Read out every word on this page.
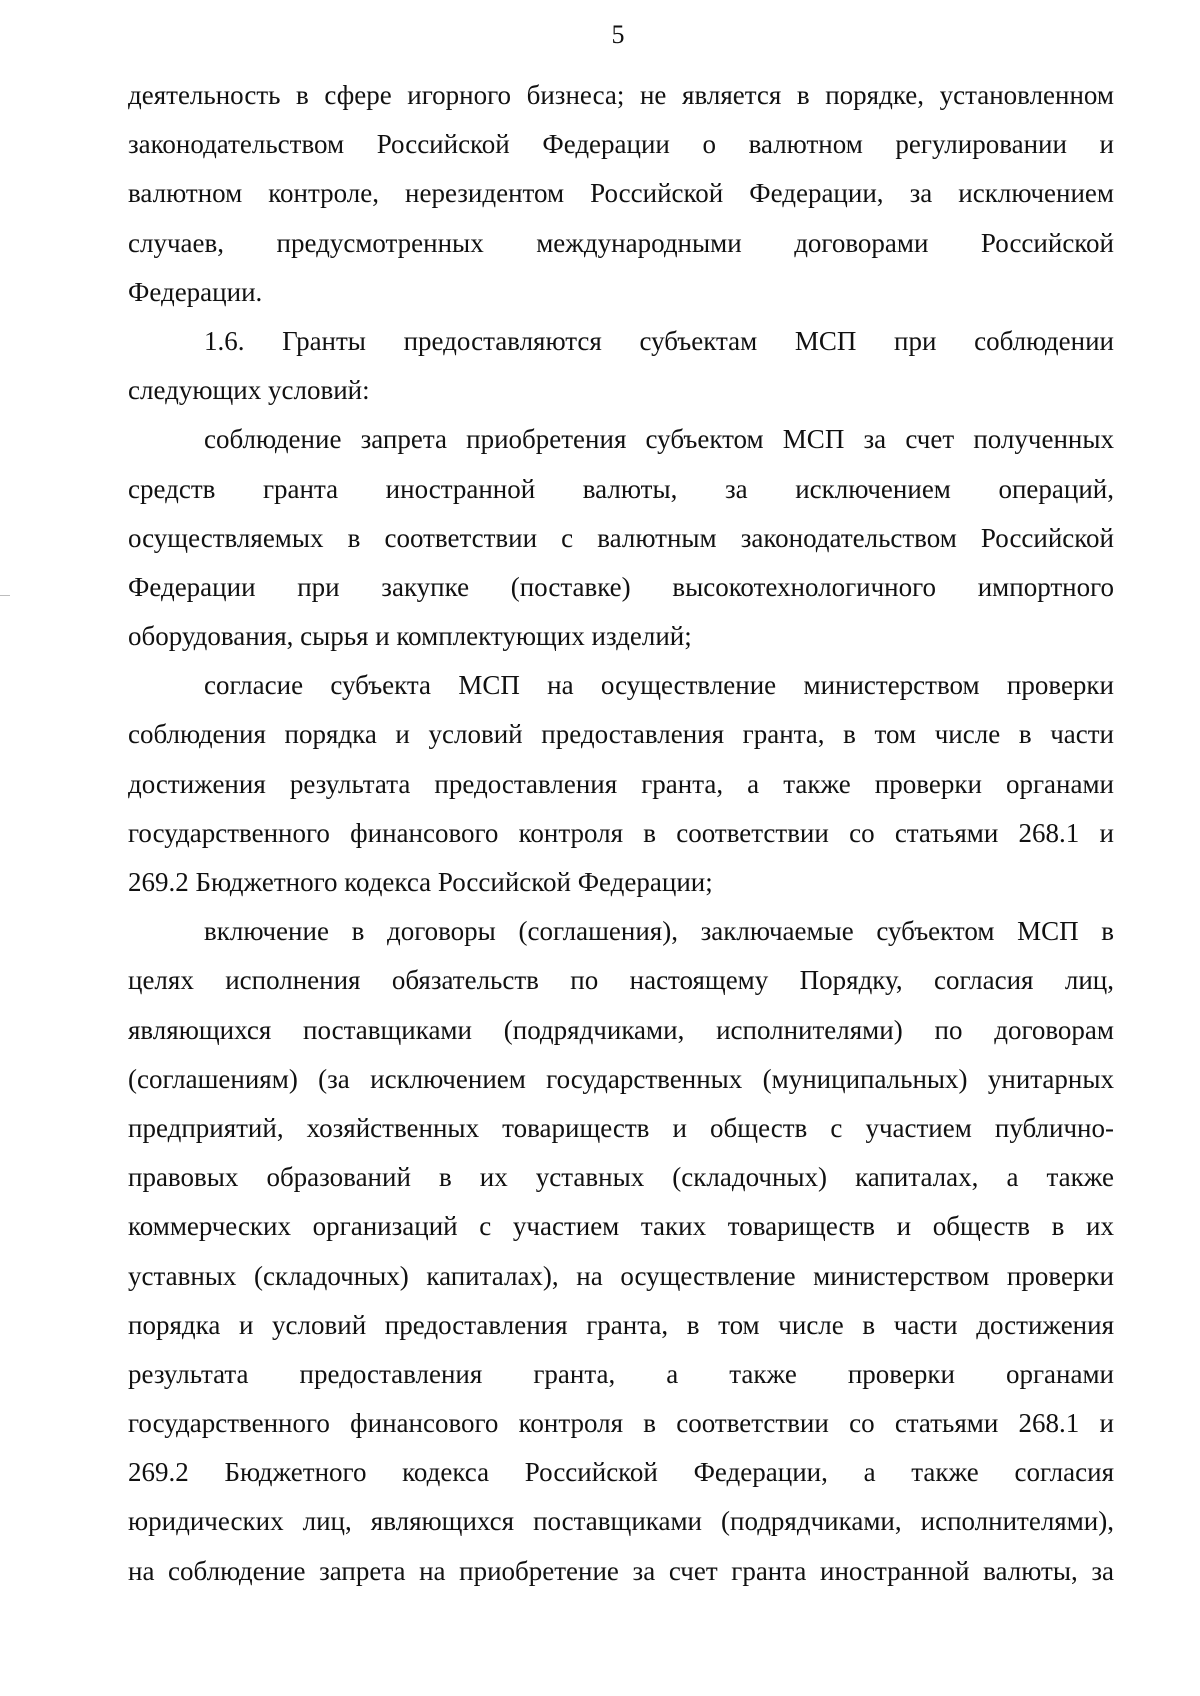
5
деятельность в сфере игорного бизнеса; не является в порядке, установленном
законодательством Российской Федерации о валютном регулировании и
валютном контроле, нерезидентом Российской Федерации, за исключением
случаев, предусмотренных международными договорами Российской
Федерации.
1.6. Гранты предоставляются субъектам МСП при соблюдении
следующих условий:
соблюдение запрета приобретения субъектом МСП за счет полученных
средств гранта иностранной валюты, за исключением операций,
осуществляемых в соответствии с валютным законодательством Российской
Федерации при закупке (поставке) высокотехнологичного импортного
оборудования, сырья и комплектующих изделий;
согласие субъекта МСП на осуществление министерством проверки
соблюдения порядка и условий предоставления гранта, в том числе в части
достижения результата предоставления гранта, а также проверки органами
государственного финансового контроля в соответствии со статьями 268.1 и
269.2 Бюджетного кодекса Российской Федерации;
включение в договоры (соглашения), заключаемые субъектом МСП в
целях исполнения обязательств по настоящему Порядку, согласия лиц,
являющихся поставщиками (подрядчиками, исполнителями) по договорам
(соглашениям) (за исключением государственных (муниципальных) унитарных
предприятий, хозяйственных товариществ и обществ с участием публично-
правовых образований в их уставных (складочных) капиталах, а также
коммерческих организаций с участием таких товариществ и обществ в их
уставных (складочных) капиталах), на осуществление министерством проверки
порядка и условий предоставления гранта, в том числе в части достижения
результата предоставления гранта, а также проверки органами
государственного финансового контроля в соответствии со статьями 268.1 и
269.2 Бюджетного кодекса Российской Федерации, а также согласия
юридических лиц, являющихся поставщиками (подрядчиками, исполнителями),
на соблюдение запрета на приобретение за счет гранта иностранной валюты, за
